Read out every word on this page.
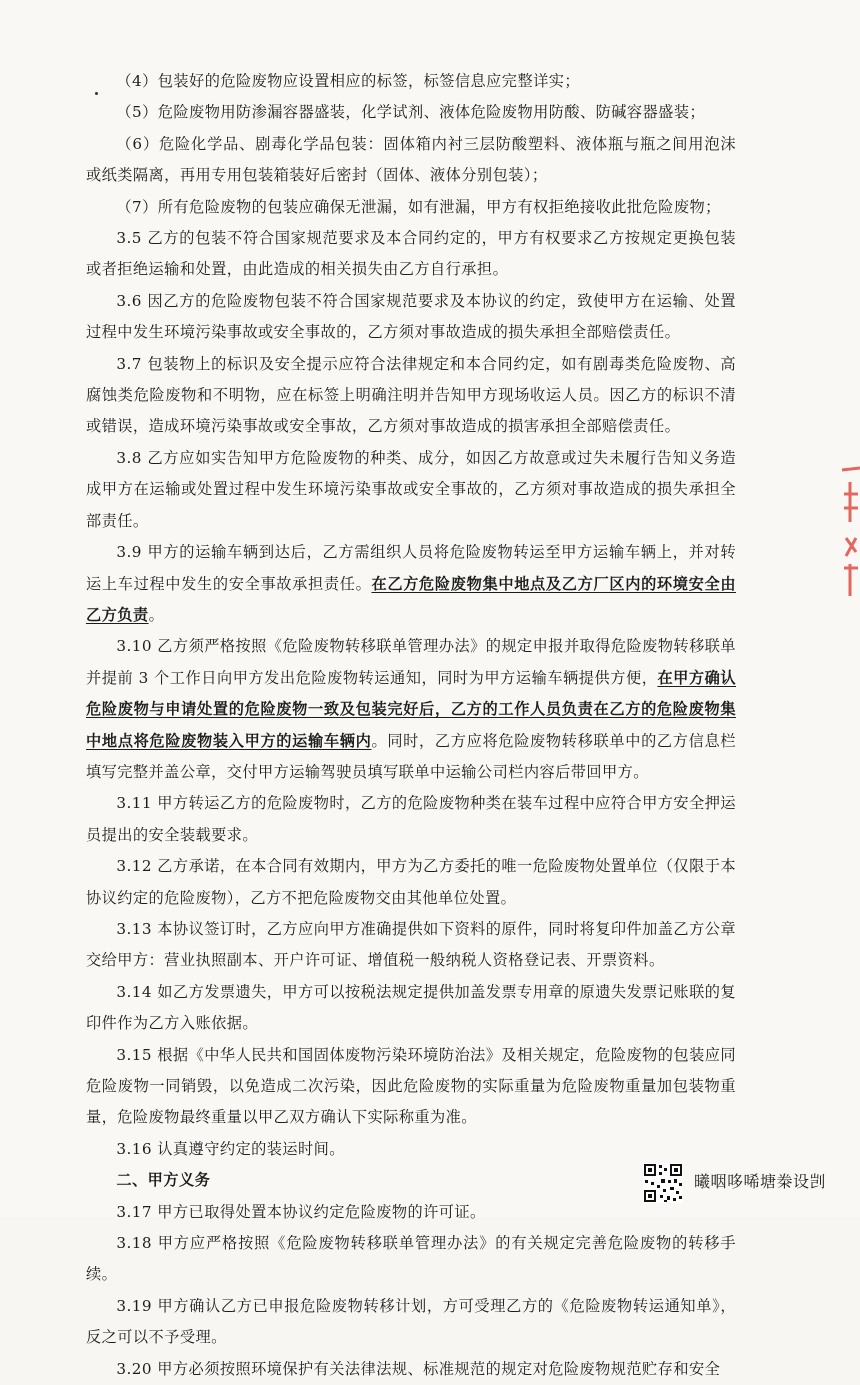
（4）包装好的危险废物应设置相应的标签，标签信息应完整详实；

（5）危险废物用防渗漏容器盛装，化学试剂、液体危险废物用防酸、防碱容器盛装；

（6）危险化学品、剧毒化学品包装：固体箱内衬三层防酸塑料、液体瓶与瓶之间用泡沫或纸类隔离，再用专用包装箱装好后密封（固体、液体分别包装）；

（7）所有危险废物的包装应确保无泄漏，如有泄漏，甲方有权拒绝接收此批危险废物；

3.5 乙方的包装不符合国家规范要求及本合同约定的，甲方有权要求乙方按规定更换包装或者拒绝运输和处置，由此造成的相关损失由乙方自行承担。

3.6 因乙方的危险废物包装不符合国家规范要求及本协议的约定，致使甲方在运输、处置过程中发生环境污染事故或安全事故的，乙方须对事故造成的损失承担全部赔偿责任。

3.7 包装物上的标识及安全提示应符合法律规定和本合同约定，如有剧毒类危险废物、高腐蚀类危险废物和不明物，应在标签上明确注明并告知甲方现场收运人员。因乙方的标识不清或错误，造成环境污染事故或安全事故，乙方须对事故造成的损害承担全部赔偿责任。

3.8 乙方应如实告知甲方危险废物的种类、成分，如因乙方故意或过失未履行告知义务造成甲方在运输或处置过程中发生环境污染事故或安全事故的，乙方须对事故造成的损失承担全部责任。

3.9 甲方的运输车辆到达后，乙方需组织人员将危险废物转运至甲方运输车辆上，并对转运上车过程中发生的安全事故承担责任。在乙方危险废物集中地点及乙方厂区内的环境安全由乙方负责。

3.10 乙方须严格按照《危险废物转移联单管理办法》的规定申报并取得危险废物转移联单并提前 3 个工作日向甲方发出危险废物转运通知，同时为甲方运输车辆提供方便，在甲方确认危险废物与申请处置的危险废物一致及包装完好后，乙方的工作人员负责在乙方的危险废物集中地点将危险废物装入甲方的运输车辆内。同时，乙方应将危险废物转移联单中的乙方信息栏填写完整并盖公章，交付甲方运输驾驶员填写联单中运输公司栏内容后带回甲方。

3.11 甲方转运乙方的危险废物时，乙方的危险废物种类在装车过程中应符合甲方安全押运员提出的安全装载要求。

3.12 乙方承诺，在本合同有效期内，甲方为乙方委托的唯一危险废物处置单位（仅限于本协议约定的危险废物），乙方不把危险废物交由其他单位处置。

3.13 本协议签订时，乙方应向甲方准确提供如下资料的原件，同时将复印件加盖乙方公章交给甲方：营业执照副本、开户许可证、增值税一般纳税人资格登记表、开票资料。

3.14 如乙方发票遗失，甲方可以按税法规定提供加盖发票专用章的原遗失发票记账联的复印件作为乙方入账依据。

3.15 根据《中华人民共和国固体废物污染环境防治法》及相关规定，危险废物的包装应同危险废物一同销毁，以免造成二次污染，因此危险废物的实际重量为危险废物重量加包装物重量，危险废物最终重量以甲乙双方确认下实际称重为准。

3.16 认真遵守约定的装运时间。

二、甲方义务

3.17 甲方已取得处置本协议约定危险废物的许可证。

3.18 甲方应严格按照《危险废物转移联单管理办法》的有关规定完善危险废物的转移手续。

3.19 甲方确认乙方已申报危险废物转移计划，方可受理乙方的《危险废物转运通知单》，反之可以不予受理。

3.20 甲方必须按照环境保护有关法律法规、标准规范的规定对危险废物规范贮存和安全

曦咽哆唏塘桊设剀
